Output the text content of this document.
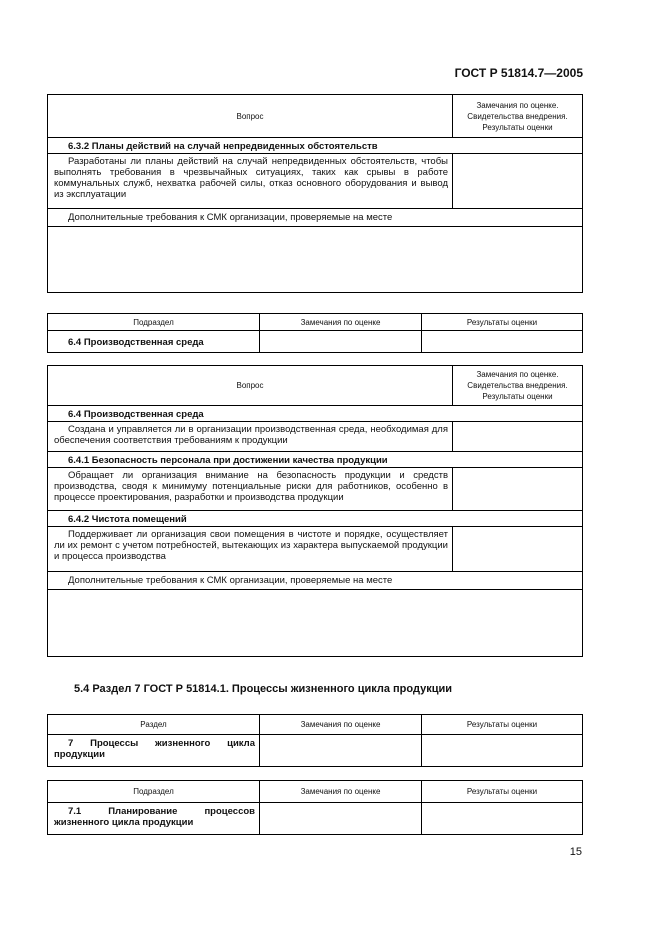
ГОСТ Р 51814.7—2005
Вопрос	Замечания по оценке. Свидетельства внедрения. Результаты оценки
6.3.2 Планы действий на случай непредвиденных обстоятельств	
Разработаны ли планы действий на случай непредвиденных обстоятельств, чтобы выполнять требования в чрезвычайных ситуациях, таких как срывы в работе коммунальных служб, нехватка рабочей силы, отказ основного оборудования и вывод из эксплуатации	
Дополнительные требования к СМК организации, проверяемые на месте	

Подраздел	Замечания по оценке	Результаты оценки
6.4 Производственная среда		
Вопрос	Замечания по оценке. Свидетельства внедрения. Результаты оценки
6.4 Производственная среда	
Создана и управляется ли в организации производственная среда, необходимая для обеспечения соответствия требованиям к продукции	
6.4.1 Безопасность персонала при достижении качества продукции	
Обращает ли организация внимание на безопасность продукции и средств производства, сводя к минимуму потенциальные риски для работников, особенно в процессе проектирования, разработки и производства продукции	
6.4.2 Чистота помещений	
Поддерживает ли организация свои помещения в чистоте и порядке, осуществляет ли их ремонт с учетом потребностей, вытекающих из характера выпускаемой продукции и процесса производства	
Дополнительные требования к СМК организации, проверяемые на месте	

5.4 Раздел 7 ГОСТ Р 51814.1. Процессы жизненного цикла продукции
Раздел	Замечания по оценке	Результаты оценки
7 Процессы жизненного цикла продукции		
Подраздел	Замечания по оценке	Результаты оценки
7.1 Планирование процессов жизненного цикла продукции		
15
